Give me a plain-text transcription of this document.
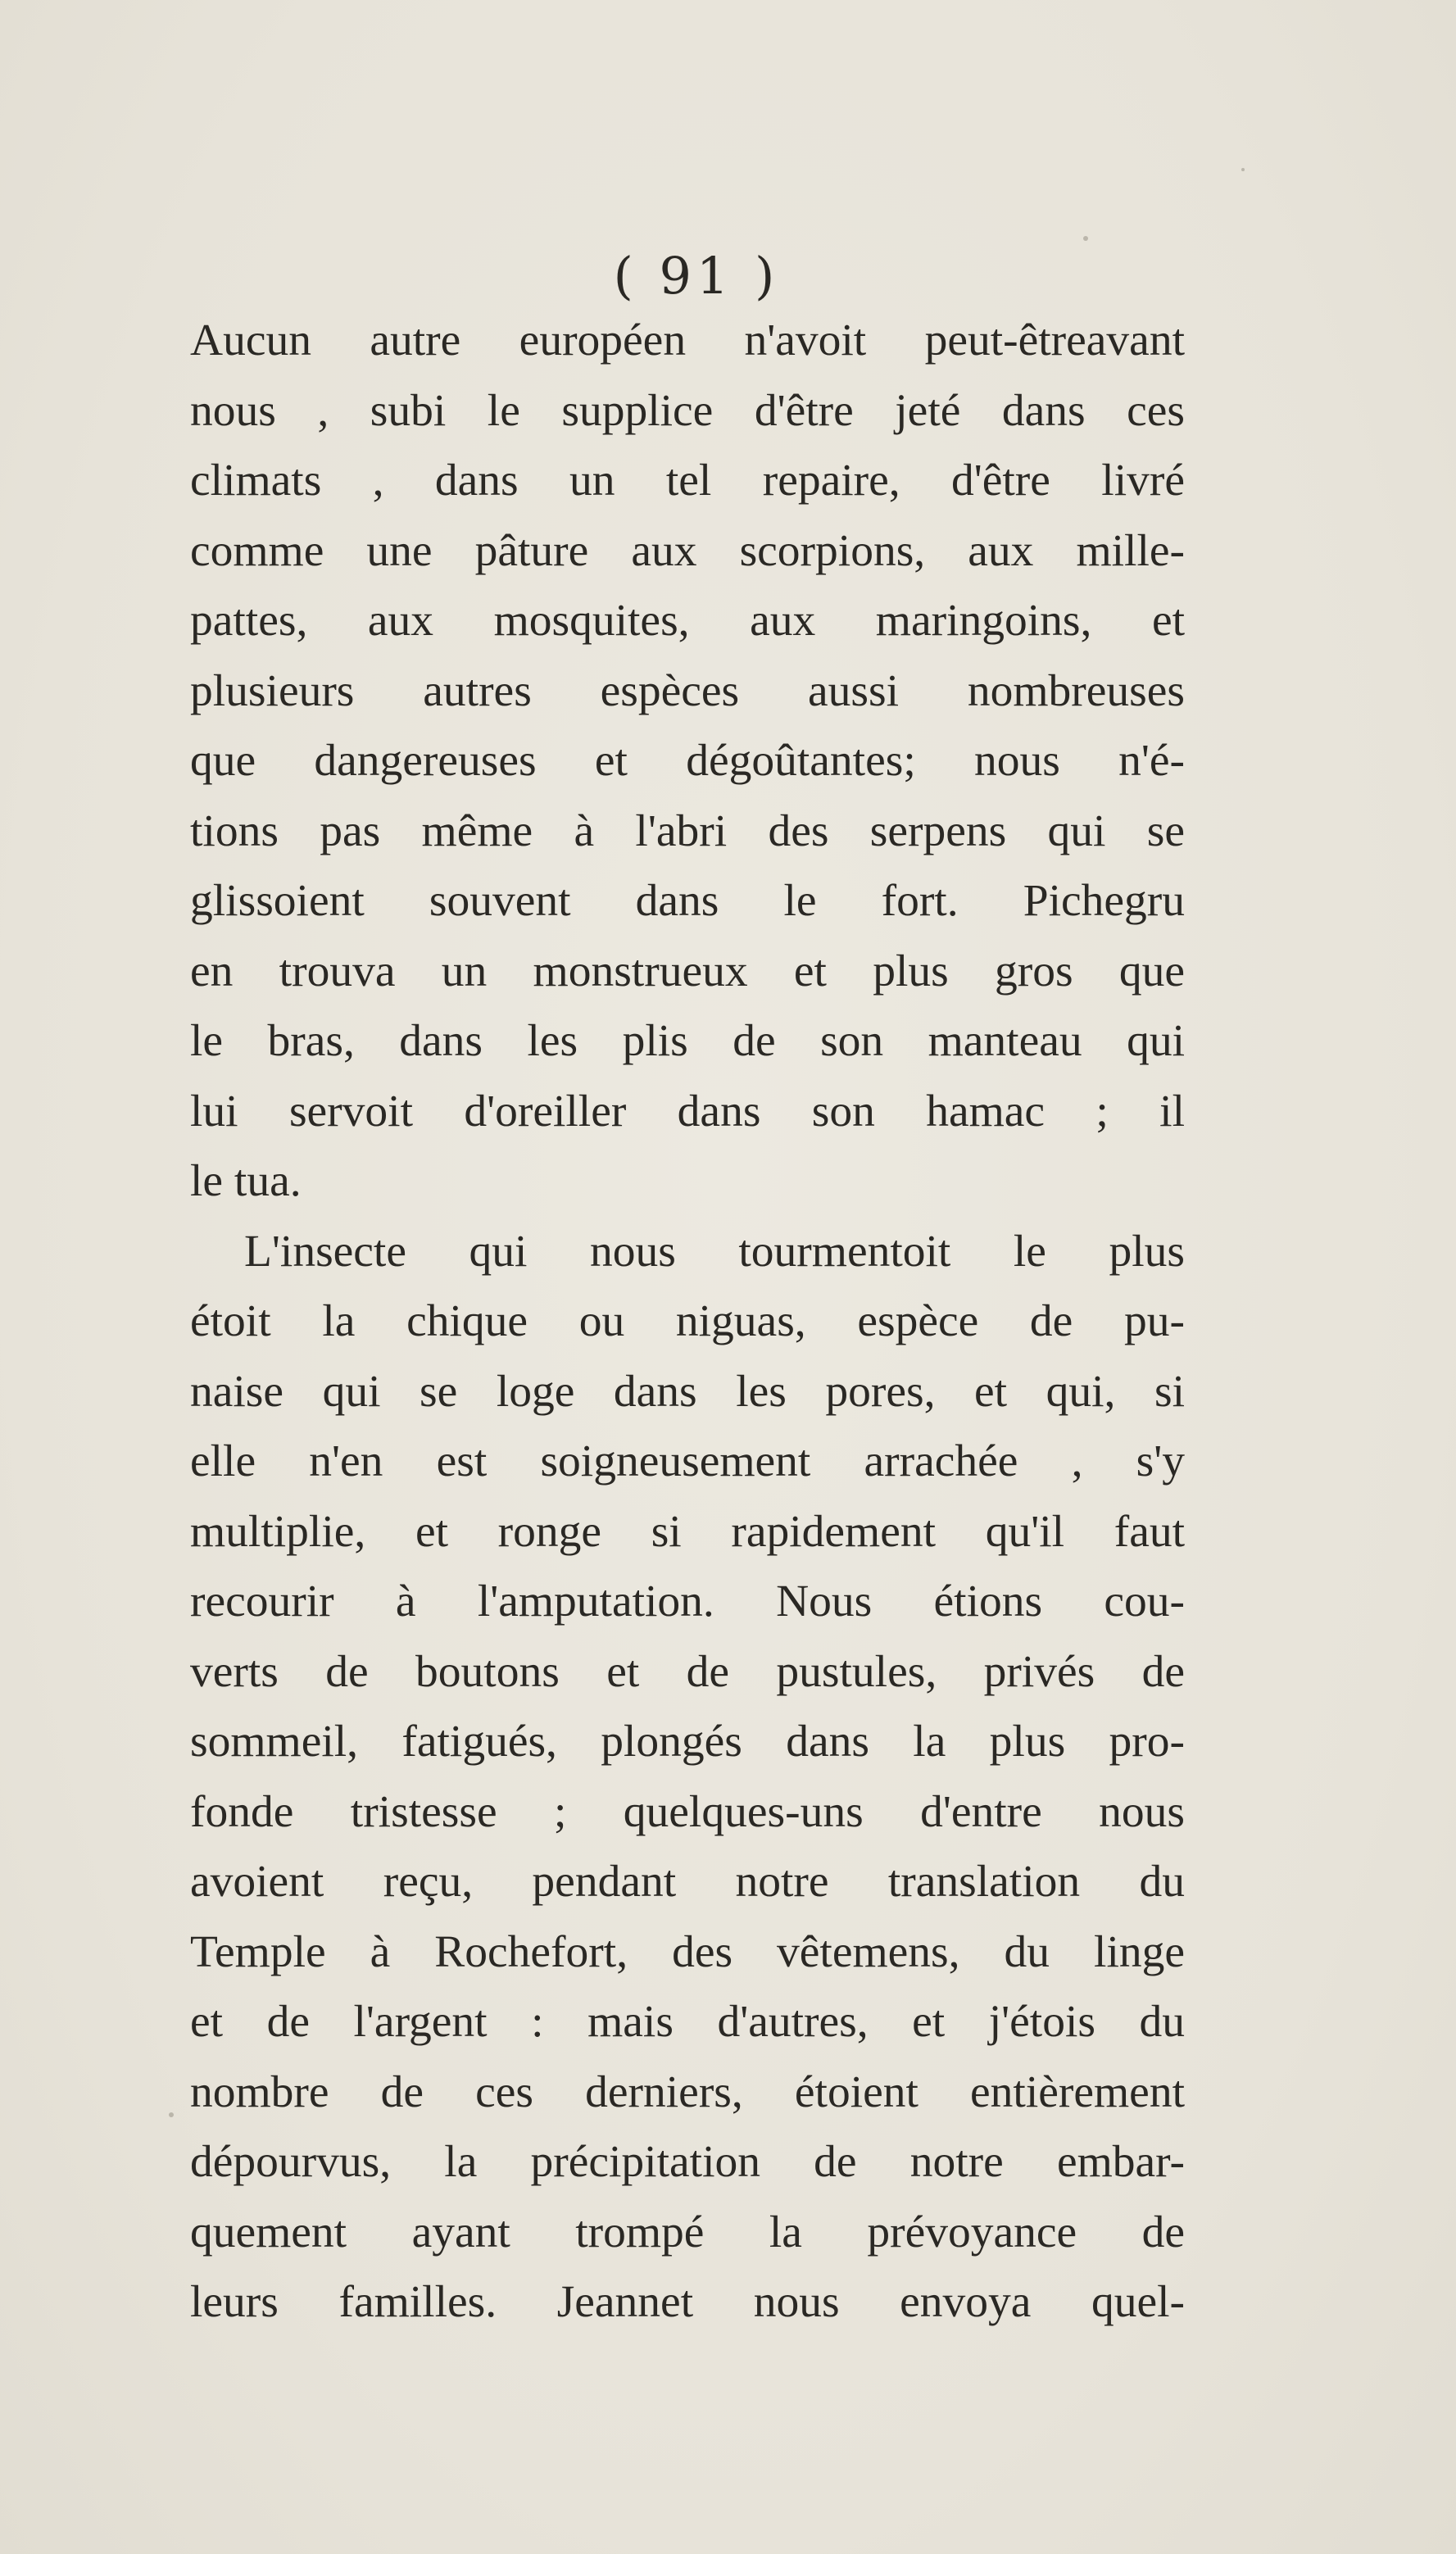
( 91 )
Aucun autre européen n'avoit peut-êtreavant
nous , subi le supplice d'être jeté dans ces
climats , dans un tel repaire, d'être livré
comme une pâture aux scorpions, aux mille-
pattes, aux mosquites, aux maringoins, et
plusieurs autres espèces aussi nombreuses
que dangereuses et dégoûtantes; nous n'é-
tions pas même à l'abri des serpens qui se
glissoient souvent dans le fort. Pichegru
en trouva un monstrueux et plus gros que
le bras, dans les plis de son manteau qui
lui servoit d'oreiller dans son hamac ; il
le tua.
L'insecte qui nous tourmentoit le plus
étoit la chique ou niguas, espèce de pu-
naise qui se loge dans les pores, et qui, si
elle n'en est soigneusement arrachée , s'y
multiplie, et ronge si rapidement qu'il faut
recourir à l'amputation. Nous étions cou-
verts de boutons et de pustules, privés de
sommeil, fatigués, plongés dans la plus pro-
fonde tristesse ; quelques-uns d'entre nous
avoient reçu, pendant notre translation du
Temple à Rochefort, des vêtemens, du linge
et de l'argent : mais d'autres, et j'étois du
nombre de ces derniers, étoient entièrement
dépourvus, la précipitation de notre embar-
quement ayant trompé la prévoyance de
leurs familles. Jeannet nous envoya quel-
